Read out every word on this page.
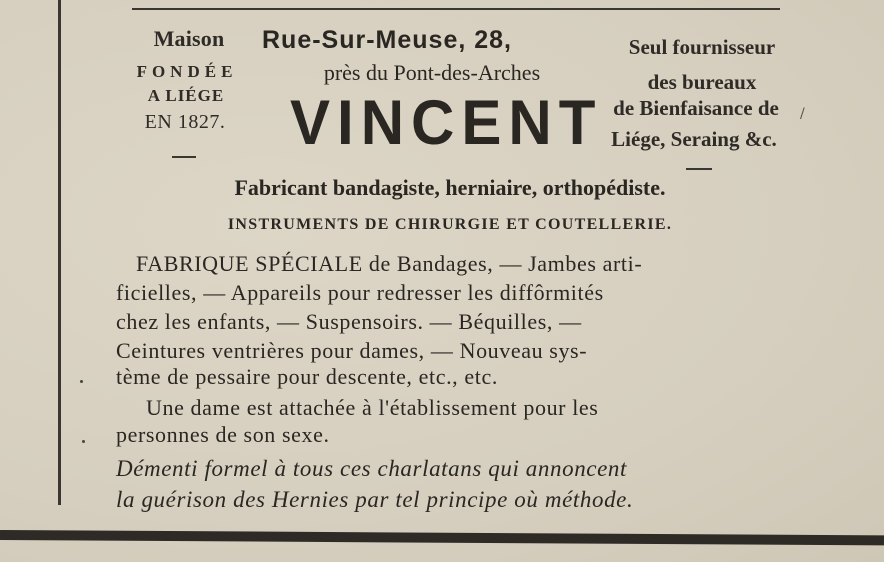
Maison
FONDÉE
A LIÉGE
EN 1827.
Rue-Sur-Meuse, 28,
près du Pont-des-Arches
VINCENT
Seul fournisseur
des bureaux
de Bienfaisance de
Liége, Seraing &c.
/
Fabricant bandagiste, herniaire, orthopédiste.
INSTRUMENTS DE CHIRURGIE ET COUTELLERIE.
FABRIQUE SPÉCIALE de Bandages, — Jambes arti-
ficielles, — Appareils pour redresser les diffôrmités
chez les enfants, — Suspensoirs. — Béquilles, —
Ceintures ventrières pour dames, — Nouveau sys-
tème de pessaire pour descente, etc., etc.
Une dame est attachée à l'établissement pour les
personnes de son sexe.
Démenti formel à tous ces charlatans qui annoncent
la guérison des Hernies par tel principe où méthode.
